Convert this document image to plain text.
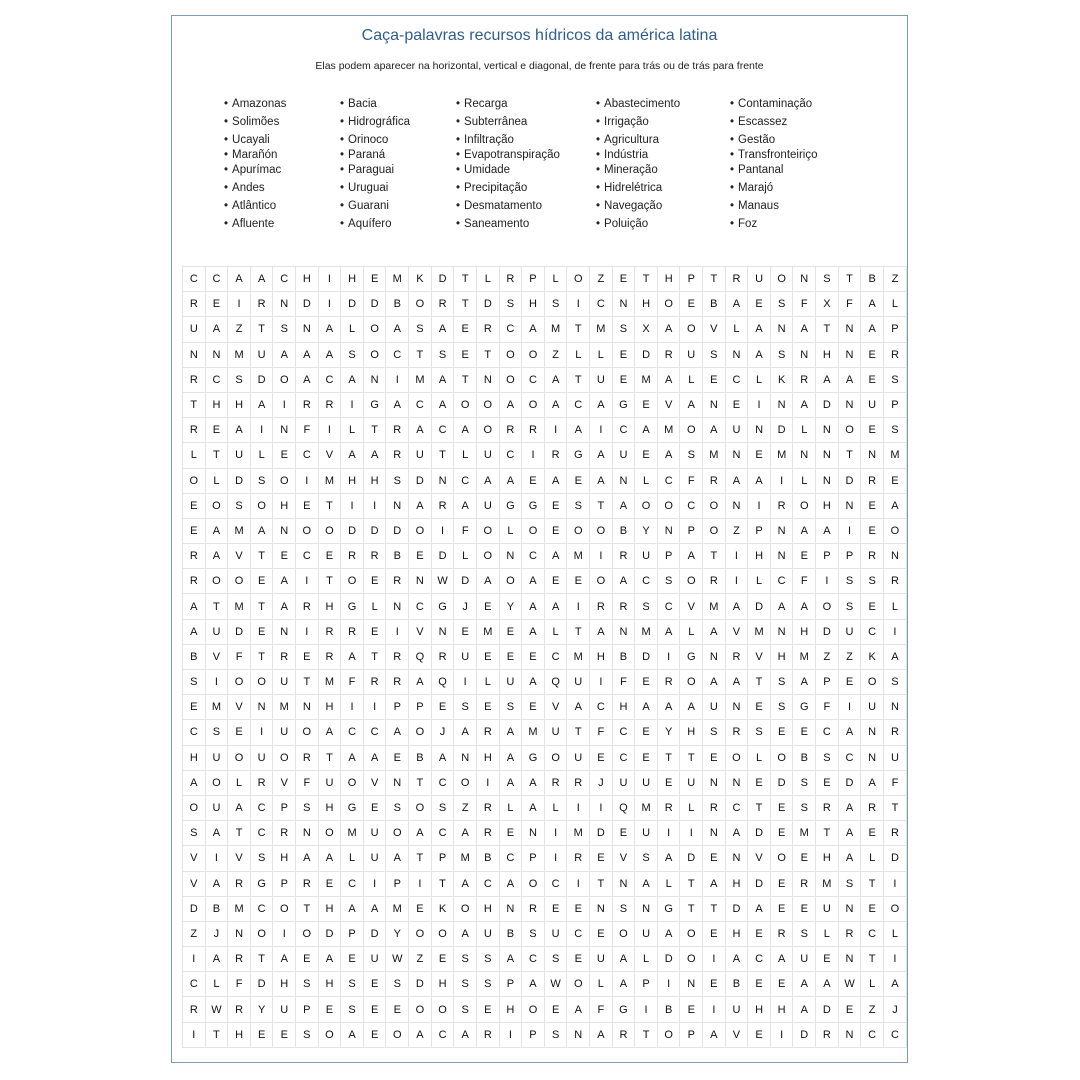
Caça-palavras recursos hídricos da américa latina
Elas podem aparecer na horizontal, vertical e diagonal, de frente para trás ou de trás para frente
• Amazonas
• Solimões
• Ucayali
• Marañón
• Apurímac
• Andes
• Atlântico
• Afluente
• Bacia
• Hidrográfica
• Orinoco
• Paraná
• Paraguai
• Uruguai
• Guarani
• Aquífero
• Recarga
• Subterrânea
• Infiltração
• Evapotranspiração
• Umidade
• Precipitação
• Desmatamento
• Saneamento
• Abastecimento
• Irrigação
• Agricultura
• Indústria
• Mineração
• Hidrelétrica
• Navegação
• Poluição
• Contaminação
• Escassez
• Gestão
• Transfronteiriço
• Pantanal
• Marajó
• Manaus
• Foz
C	C	A	A	C	H	I	H	E	M	K	D	T	L	R	P	L	O	Z	E	T	H	P	T	R	U	O	N	S	T	B	Z
R	E	I	R	N	D	I	D	D	B	O	R	T	D	S	H	S	I	C	N	H	O	E	B	A	E	S	F	X	F	A	L
U	A	Z	T	S	N	A	L	O	A	S	A	E	R	C	A	M	T	M	S	X	A	O	V	L	A	N	A	T	N	A	P
N	N	M	U	A	A	A	S	O	C	T	S	E	T	O	O	Z	L	L	E	D	R	U	S	N	A	S	N	H	N	E	R
R	C	S	D	O	A	C	A	N	I	M	A	T	N	O	C	A	T	U	E	M	A	L	E	C	L	K	R	A	A	E	S
T	H	H	A	I	R	R	I	G	A	C	A	O	O	A	O	A	C	A	G	E	V	A	N	E	I	N	A	D	N	U	P
R	E	A	I	N	F	I	L	T	R	A	C	A	O	R	R	I	A	I	C	A	M	O	A	U	N	D	L	N	O	E	S
L	T	U	L	E	C	V	A	A	R	U	T	L	U	C	I	R	G	A	U	E	A	S	M	N	E	M	N	N	T	N	M
O	L	D	S	O	I	M	H	H	S	D	N	C	A	A	E	A	E	A	N	L	C	F	R	A	A	I	L	N	D	R	E
E	O	S	O	H	E	T	I	I	N	A	R	A	U	G	G	E	S	T	A	O	O	C	O	N	I	R	O	H	N	E	A
E	A	M	A	N	O	O	D	D	D	O	I	F	O	L	O	E	O	O	B	Y	N	P	O	Z	P	N	A	A	I	E	O
R	A	V	T	E	C	E	R	R	B	E	D	L	O	N	C	A	M	I	R	U	P	A	T	I	H	N	E	P	P	R	N
R	O	O	E	A	I	T	O	E	R	N	W	D	A	O	A	E	E	O	A	C	S	O	R	I	L	C	F	I	S	S	R
A	T	M	T	A	R	H	G	L	N	C	G	J	E	Y	A	A	I	R	R	S	C	V	M	A	D	A	A	O	S	E	L
A	U	D	E	N	I	R	R	E	I	V	N	E	M	E	A	L	T	A	N	M	A	L	A	V	M	N	H	D	U	C	I
B	V	F	T	R	E	R	A	T	R	Q	R	U	E	E	E	C	M	H	B	D	I	G	N	R	V	H	M	Z	Z	K	A
S	I	O	O	U	T	M	F	R	R	A	Q	I	L	U	A	Q	U	I	F	E	R	O	A	A	T	S	A	P	E	O	S
E	M	V	N	M	N	H	I	I	P	P	E	S	E	S	E	V	A	C	H	A	A	A	U	N	E	S	G	F	I	U	N
C	S	E	I	U	O	A	C	C	A	O	J	A	R	A	M	U	T	F	C	E	Y	H	S	R	S	E	E	C	A	N	R
H	U	O	U	O	R	T	A	A	E	B	A	N	H	A	G	O	U	E	C	E	T	T	E	O	L	O	B	S	C	N	U
A	O	L	R	V	F	U	O	V	N	T	C	O	I	A	A	R	R	J	U	U	E	U	N	N	E	D	S	E	D	A	F
O	U	A	C	P	S	H	G	E	S	O	S	Z	R	L	A	L	I	I	Q	M	R	L	R	C	T	E	S	R	A	R	T
S	A	T	C	R	N	O	M	U	O	A	C	A	R	E	N	I	M	D	E	U	I	I	N	A	D	E	M	T	A	E	R
V	I	V	S	H	A	A	L	U	A	T	P	M	B	C	P	I	R	E	V	S	A	D	E	N	V	O	E	H	A	L	D
V	A	R	G	P	R	E	C	I	P	I	T	A	C	A	O	C	I	T	N	A	L	T	A	H	D	E	R	M	S	T	I
D	B	M	C	O	T	H	A	A	M	E	K	O	H	N	R	E	E	N	S	N	G	T	T	D	A	E	E	U	N	E	O
Z	J	N	O	I	O	D	P	D	Y	O	O	A	U	B	S	U	C	E	O	U	A	O	E	H	E	R	S	L	R	C	L
I	A	R	T	A	E	A	E	U	W	Z	E	S	S	A	C	S	E	U	A	L	D	O	I	A	C	A	U	E	N	T	I
C	L	F	D	H	S	H	S	E	S	D	H	S	S	P	A	W	O	L	A	P	I	N	E	B	E	E	A	A	W	L	A
R	W	R	Y	U	P	E	S	E	E	O	O	S	E	H	O	E	A	F	G	I	B	E	I	U	H	H	A	D	E	Z	J
I	T	H	E	E	S	O	A	E	O	A	C	A	R	I	P	S	N	A	R	T	O	P	A	V	E	I	D	R	N	C	C
